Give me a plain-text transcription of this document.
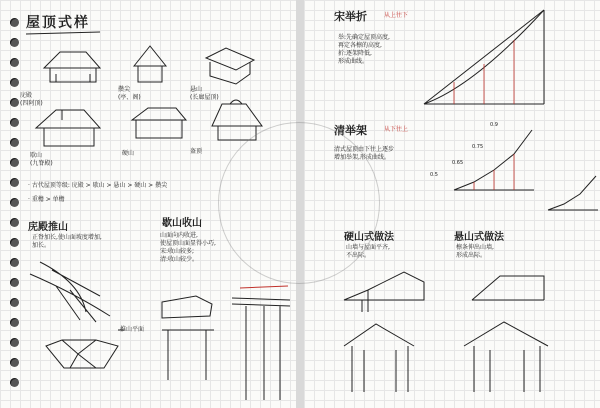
屋顶式样
庑殿
(四阿顶)
攒尖
(亭、阁)
悬山
(长廊屋顶)
歇山
(九脊殿)
硬山	盔顶
· 古代屋顶等级: 庑殿 > 歇山 > 悬山 > 硬山 > 攒尖
· 重檐 > 单檐
庑殿推山
正脊加长,使山面坡度增加,
加长。
歇山收山
山面向内收进,
使屋顶山面显得小巧,
宋:收山较多;
清:收山较少。
推山平面
宋举折	从上往下
举:先确定屋顶高度,
再定各檩的高度,
折:逐架降低,
形成曲线。
清举架	从下往上
清式屋顶由下往上逐步
增加举架,形成曲线。
硬山式做法
山墙与屋面平齐,
不出际。
悬山式做法
檩条伸出山墙,
形成出际。
0.5
0.65
0.75
0.9
